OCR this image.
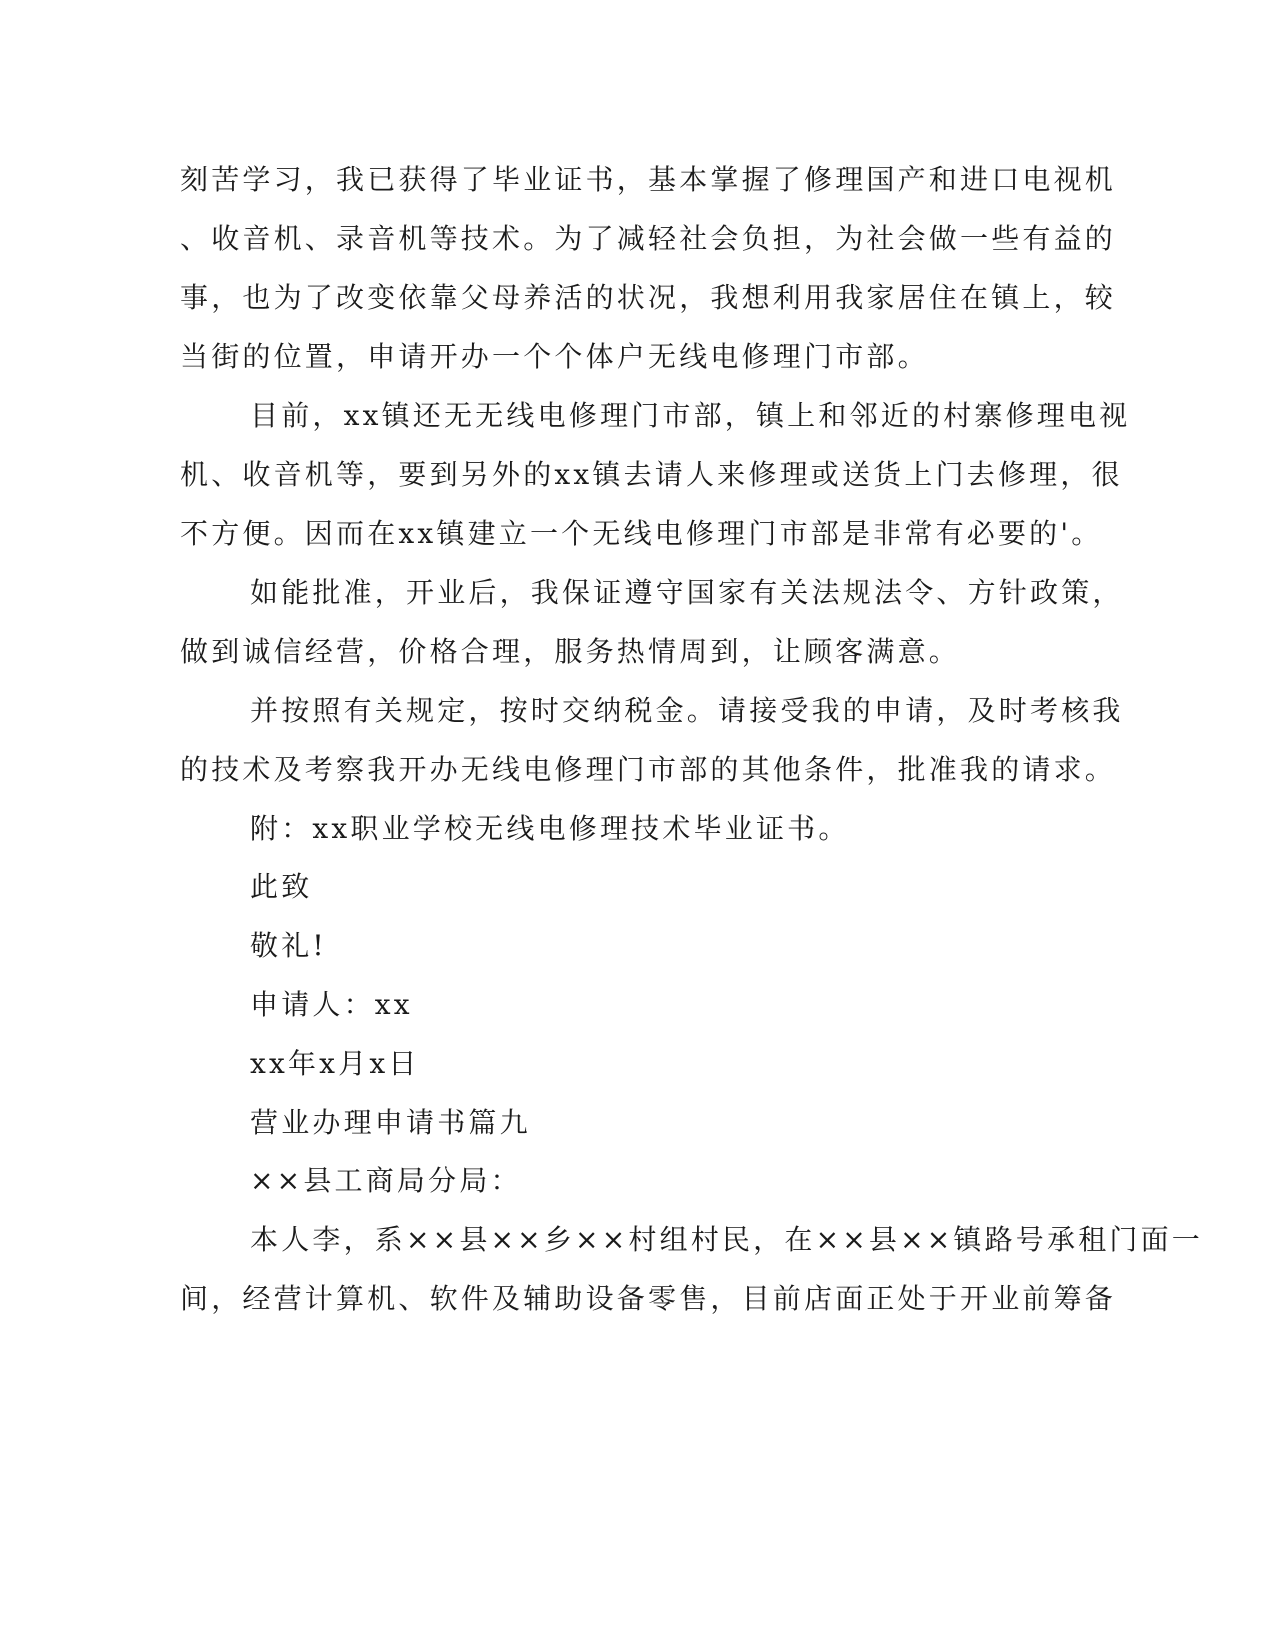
刻苦学习，我已获得了毕业证书，基本掌握了修理国产和进口电视机
、收音机、录音机等技术。为了减轻社会负担，为社会做一些有益的
事，也为了改变依靠父母养活的状况，我想利用我家居住在镇上，较
当街的位置，申请开办一个个体户无线电修理门市部。
目前，xx镇还无无线电修理门市部，镇上和邻近的村寨修理电视
机、收音机等，要到另外的xx镇去请人来修理或送货上门去修理，很
不方便。因而在xx镇建立一个无线电修理门市部是非常有必要的'。
如能批准，开业后，我保证遵守国家有关法规法令、方针政策，
做到诚信经营，价格合理，服务热情周到，让顾客满意。
并按照有关规定，按时交纳税金。请接受我的申请，及时考核我
的技术及考察我开办无线电修理门市部的其他条件，批准我的请求。
附：xx职业学校无线电修理技术毕业证书。
此致
敬礼!
申请人：xx
xx年x月x日
营业办理申请书篇九
××县工商局分局：
本人李，系××县××乡××村组村民，在××县××镇路号承租门面一
间，经营计算机、软件及辅助设备零售，目前店面正处于开业前筹备
